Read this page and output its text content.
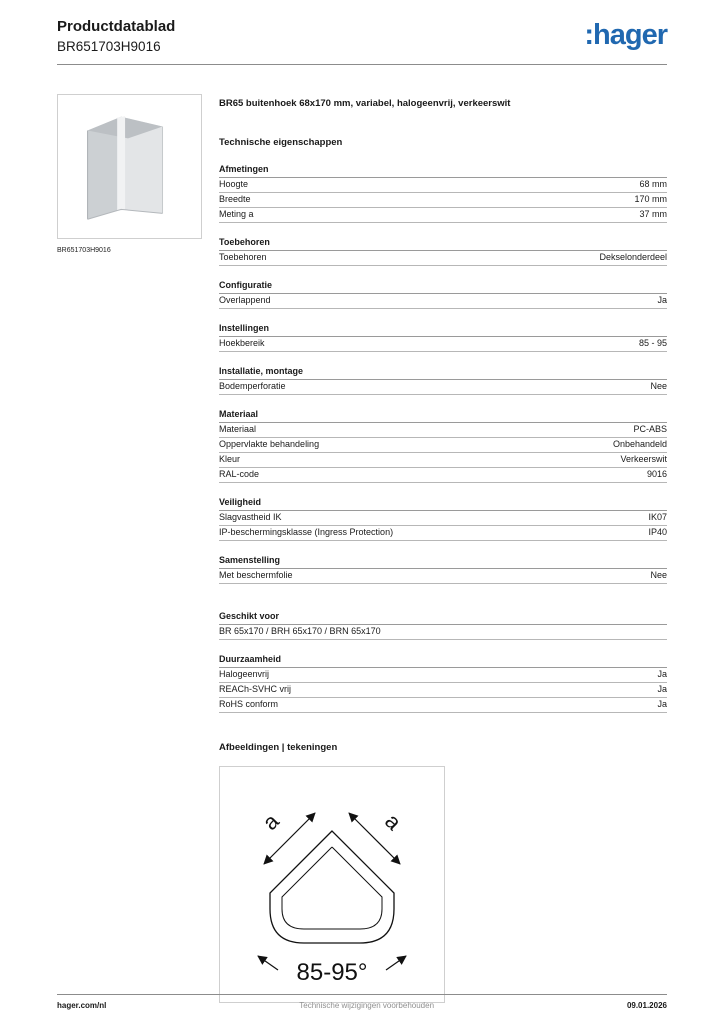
Productdatablad
BR651703H9016	:hager
BR651703H9016
BR65 buitenhoek 68x170 mm, variabel, halogeenvrij, verkeerswit
Technische eigenschappen
Afmetingen
Hoogte	68 mm
Breedte	170 mm
Meting a	37 mm
Toebehoren
Toebehoren	Dekselonderdeel
Configuratie
Overlappend	Ja
Instellingen
Hoekbereik	85 - 95
Installatie, montage
Bodemperforatie	Nee
Materiaal
Materiaal	PC-ABS
Oppervlakte behandeling	Onbehandeld
Kleur	Verkeerswit
RAL-code	9016
Veiligheid
Slagvastheid IK	IK07
IP-beschermingsklasse (Ingress Protection)	IP40
Samenstelling
Met beschermfolie	Nee
Geschikt voor
BR 65x170 / BRH 65x170 / BRN 65x170
Duurzaamheid
Halogeenvrij	Ja
REACh-SVHC vrij	Ja
RoHS conform	Ja
Afbeeldingen | tekeningen
a	a
85-95°
hager.com/nl	Technische wijzigingen voorbehouden	09.01.2026
